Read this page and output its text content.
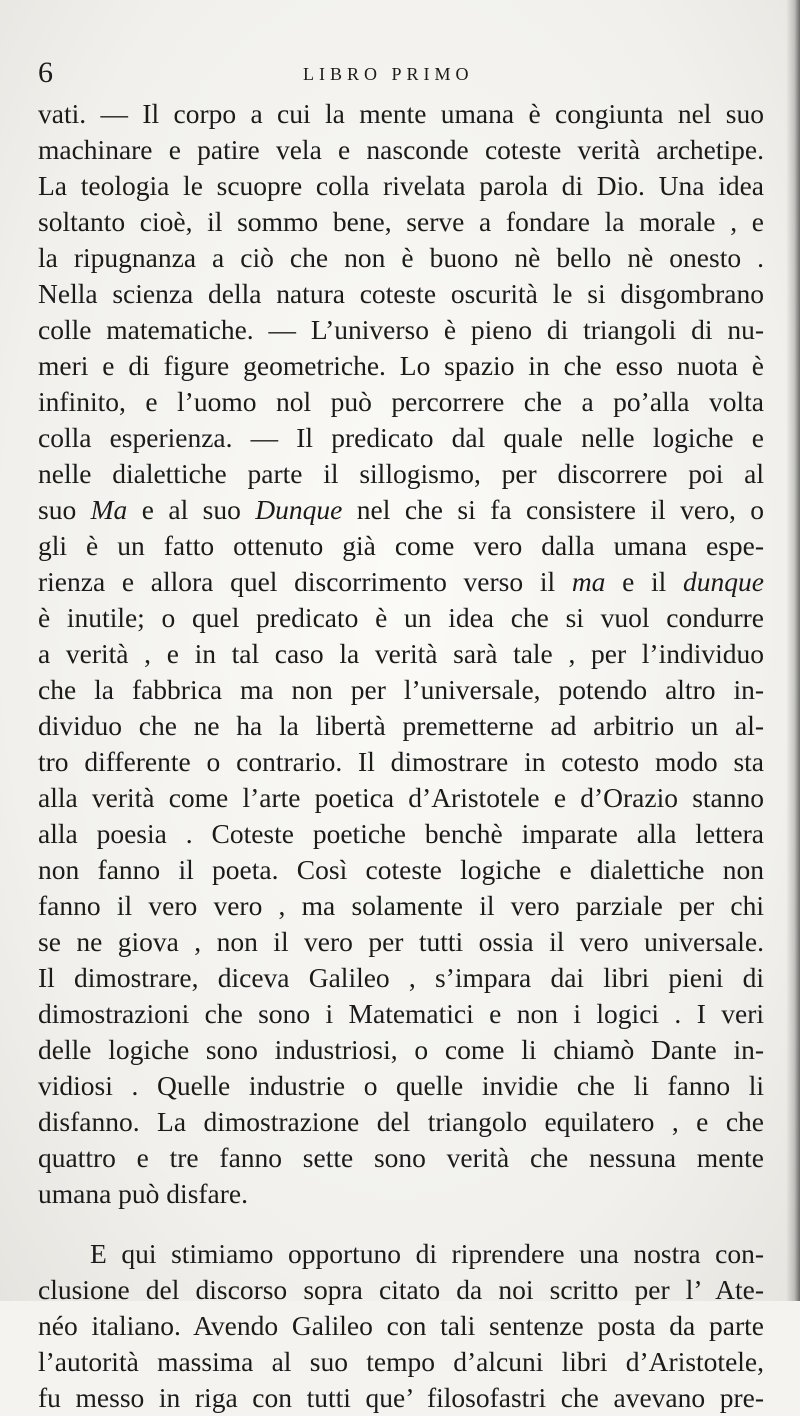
6	LIBRO PRIMO
vati. — Il corpo a cui la mente umana è congiunta nel suo
machinare e patire vela e nasconde coteste verità archetipe.
La teologia le scuopre colla rivelata parola di Dio. Una idea
soltanto cioè, il sommo bene, serve a fondare la morale , e
la ripugnanza a ciò che non è buono nè bello nè onesto .
Nella scienza della natura coteste oscurità le si disgombrano
colle matematiche. — L’universo è pieno di triangoli di nu-
meri e di figure geometriche. Lo spazio in che esso nuota è
infinito, e l’uomo nol può percorrere che a po’alla volta
colla esperienza. — Il predicato dal quale nelle logiche e
nelle dialettiche parte il sillogismo, per discorrere poi al
suo Ma e al suo Dunque nel che si fa consistere il vero, o
gli è un fatto ottenuto già come vero dalla umana espe-
rienza e allora quel discorrimento verso il ma e il dunque
è inutile; o quel predicato è un idea che si vuol condurre
a verità , e in tal caso la verità sarà tale , per l’individuo
che la fabbrica ma non per l’universale, potendo altro in-
dividuo che ne ha la libertà premetterne ad arbitrio un al-
tro differente o contrario. Il dimostrare in cotesto modo sta
alla verità come l’arte poetica d’Aristotele e d’Orazio stanno
alla poesia . Coteste poetiche benchè imparate alla lettera
non fanno il poeta. Così coteste logiche e dialettiche non
fanno il vero vero , ma solamente il vero parziale per chi
se ne giova , non il vero per tutti ossia il vero universale.
Il dimostrare, diceva Galileo , s’impara dai libri pieni di
dimostrazioni che sono i Matematici e non i logici . I veri
delle logiche sono industriosi, o come li chiamò Dante in-
vidiosi . Quelle industrie o quelle invidie che li fanno li
disfanno. La dimostrazione del triangolo equilatero , e che
quattro e tre fanno sette sono verità che nessuna mente
umana può disfare.
E qui stimiamo opportuno di riprendere una nostra con-
clusione del discorso sopra citato da noi scritto per l’ Ate-
néo italiano. Avendo Galileo con tali sentenze posta da parte
l’autorità massima al suo tempo d’alcuni libri d’Aristotele,
fu messo in riga con tutti que’ filosofastri che avevano pre-
